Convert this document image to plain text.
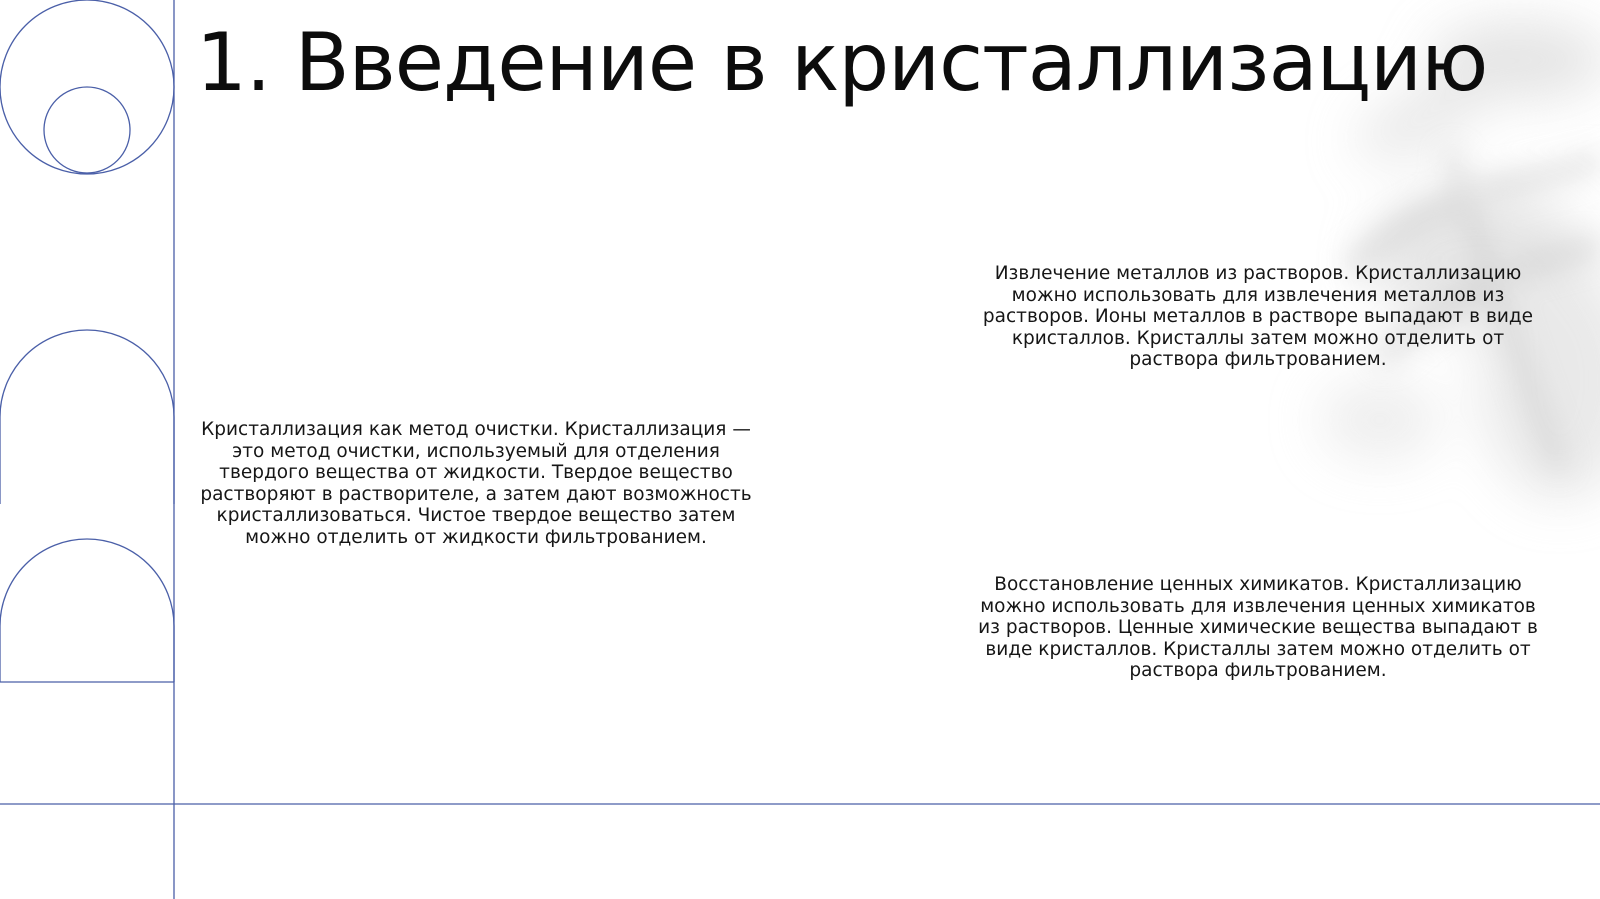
1. Введение в кристаллизацию

Кристаллизация как метод очистки. Кристаллизация — это метод очистки, используемый для отделения твердого вещества от жидкости. Твердое вещество растворяют в растворителе, а затем дают возможность кристаллизоваться. Чистое твердое вещество затем можно отделить от жидкости фильтрованием.

Извлечение металлов из растворов. Кристаллизацию можно использовать для извлечения металлов из растворов. Ионы металлов в растворе выпадают в виде кристаллов. Кристаллы затем можно отделить от раствора фильтрованием.

Восстановление ценных химикатов. Кристаллизацию можно использовать для извлечения ценных химикатов из растворов. Ценные химические вещества выпадают в виде кристаллов. Кристаллы затем можно отделить от раствора фильтрованием.
